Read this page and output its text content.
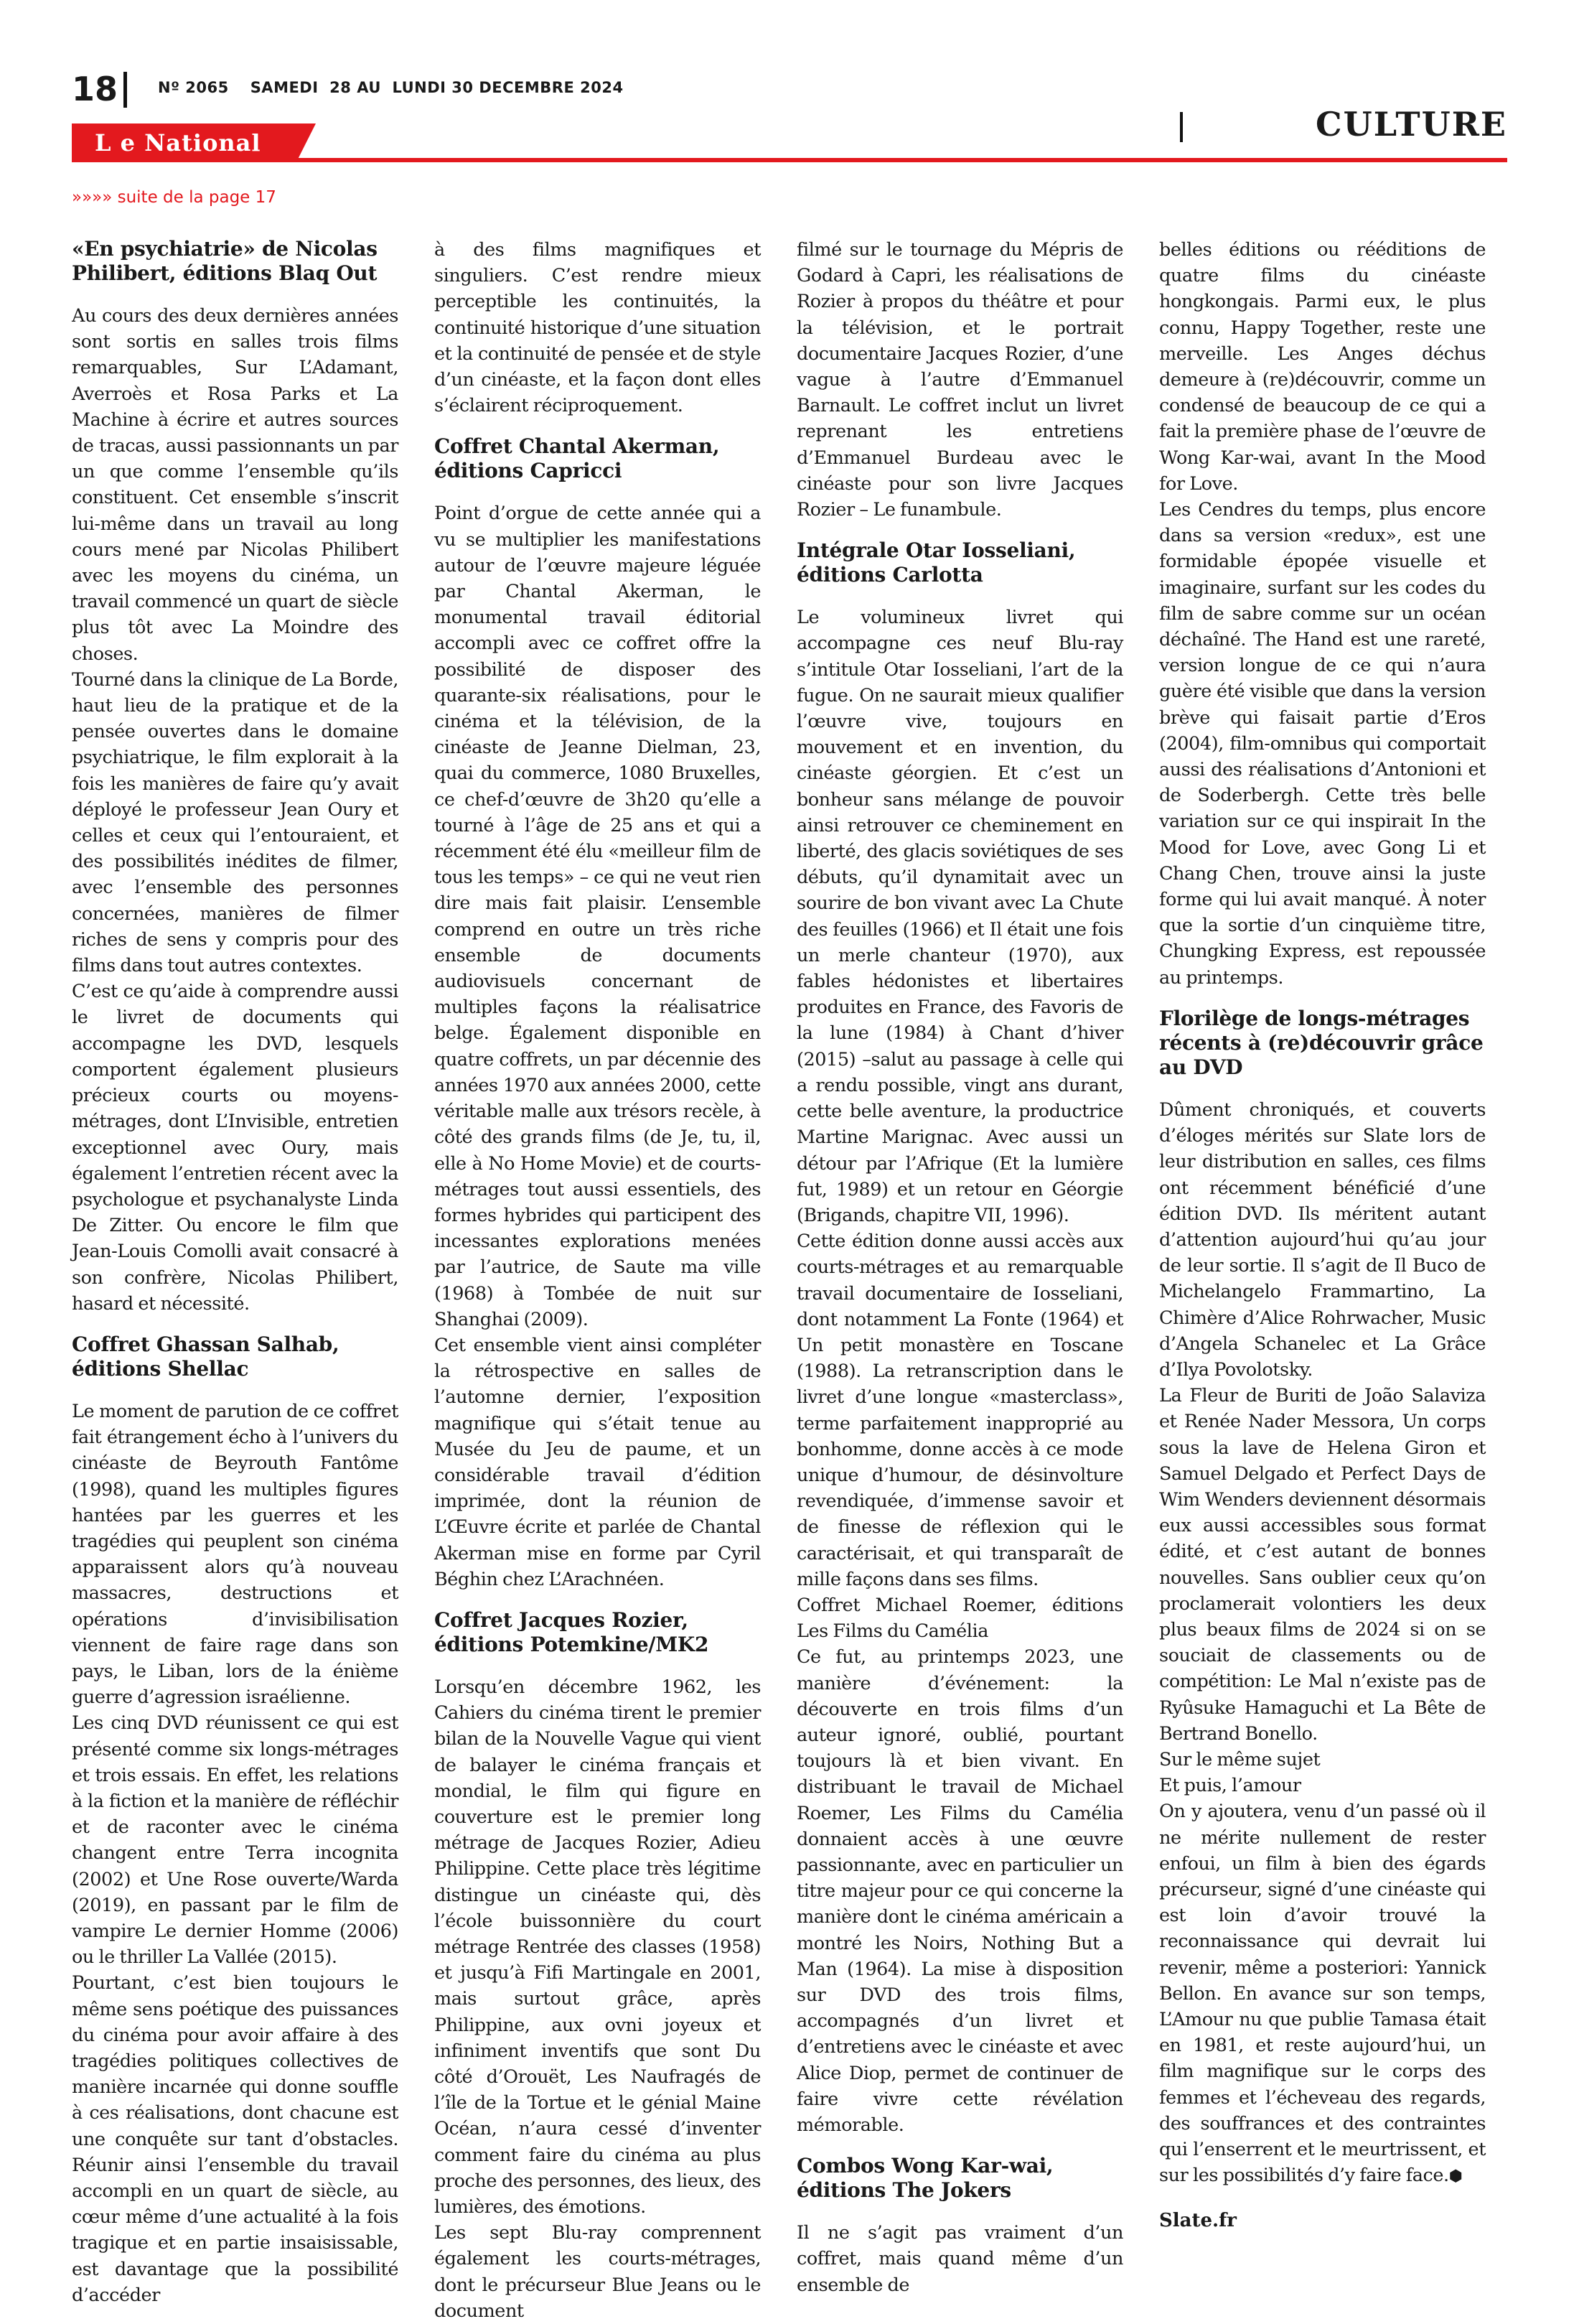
18	Nº 2065 SAMEDI  28 AU  LUNDI 30 DECEMBRE 2024
CULTURE
L e National
»»»» suite de la page 17
«En psychiatrie» de Nicolas Philibert, éditions Blaq Out

Au cours des deux dernières années sont sortis en salles trois films remarquables, Sur L’Adamant, Averroès et Rosa Parks et La Machine à écrire et autres sources de tracas, aussi passionnants un par un que comme l’ensemble qu’ils constituent. Cet ensemble s’inscrit lui-même dans un travail au long cours mené par Nicolas Philibert avec les moyens du cinéma, un travail commencé un quart de siècle plus tôt avec La Moindre des choses.

Tourné dans la clinique de La Borde, haut lieu de la pratique et de la pensée ouvertes dans le domaine psychiatrique, le film explorait à la fois les manières de faire qu’y avait déployé le professeur Jean Oury et celles et ceux qui l’entouraient, et des possibilités inédites de filmer, avec l’ensemble des personnes concernées, manières de filmer riches de sens y compris pour des films dans tout autres contextes.

C’est ce qu’aide à comprendre aussi le livret de documents qui accompagne les DVD, lesquels comportent également plusieurs précieux courts ou moyens-métrages, dont L’Invisible, entretien exceptionnel avec Oury, mais également l’entretien récent avec la psychologue et psychanalyste Linda De Zitter. Ou encore le film que Jean-Louis Comolli avait consacré à son confrère, Nicolas Philibert, hasard et nécessité.

Coffret Ghassan Salhab, éditions Shellac

Le moment de parution de ce coffret fait étrangement écho à l’univers du cinéaste de Beyrouth Fantôme (1998), quand les multiples figures hantées par les guerres et les tragédies qui peuplent son cinéma apparaissent alors qu’à nouveau massacres, destructions et opérations d’invisibilisation viennent de faire rage dans son pays, le Liban, lors de la énième guerre d’agression israélienne.

Les cinq DVD réunissent ce qui est présenté comme six longs-métrages et trois essais. En effet, les relations à la fiction et la manière de réfléchir et de raconter avec le cinéma changent entre Terra incognita (2002) et Une Rose ouverte/Warda (2019), en passant par le film de vampire Le dernier Homme (2006) ou le thriller La Vallée (2015).

Pourtant, c’est bien toujours le même sens poétique des puissances du cinéma pour avoir affaire à des tragédies politiques collectives de manière incarnée qui donne souffle à ces réalisations, dont chacune est une conquête sur tant d’obstacles. Réunir ainsi l’ensemble du travail accompli en un quart de siècle, au cœur même d’une actualité à la fois tragique et en partie insaisissable, est davantage que la possibilité d’accéder

à des films magnifiques et singuliers. C’est rendre mieux perceptible les continuités, la continuité historique d’une situation et la continuité de pensée et de style d’un cinéaste, et la façon dont elles s’éclairent réciproquement.

Coffret Chantal Akerman, éditions Capricci

Point d’orgue de cette année qui a vu se multiplier les manifestations autour de l’œuvre majeure léguée par Chantal Akerman, le monumental travail éditorial accompli avec ce coffret offre la possibilité de disposer des quarante-six réalisations, pour le cinéma et la télévision, de la cinéaste de Jeanne Dielman, 23, quai du commerce, 1080 Bruxelles, ce chef-d’œuvre de 3h20 qu’elle a tourné à l’âge de 25 ans et qui a récemment été élu «meilleur film de tous les temps» – ce qui ne veut rien dire mais fait plaisir. L’ensemble comprend en outre un très riche ensemble de documents audiovisuels concernant de multiples façons la réalisatrice belge. Également disponible en quatre coffrets, un par décennie des années 1970 aux années 2000, cette véritable malle aux trésors recèle, à côté des grands films (de Je, tu, il, elle à No Home Movie) et de courts-métrages tout aussi essentiels, des formes hybrides qui participent des incessantes explorations menées par l’autrice, de Saute ma ville (1968) à Tombée de nuit sur Shanghai (2009).

Cet ensemble vient ainsi compléter la rétrospective en salles de l’automne dernier, l’exposition magnifique qui s’était tenue au Musée du Jeu de paume, et un considérable travail d’édition imprimée, dont la réunion de L’Œuvre écrite et parlée de Chantal Akerman mise en forme par Cyril Béghin chez L’Arachnéen.

Coffret Jacques Rozier, éditions Potemkine/MK2

Lorsqu’en décembre 1962, les Cahiers du cinéma tirent le premier bilan de la Nouvelle Vague qui vient de balayer le cinéma français et mondial, le film qui figure en couverture est le premier long métrage de Jacques Rozier, Adieu Philippine. Cette place très légitime distingue un cinéaste qui, dès l’école buissonnière du court métrage Rentrée des classes (1958) et jusqu’à Fifi Martingale en 2001, mais surtout grâce, après Philippine, aux ovni joyeux et infiniment inventifs que sont Du côté d’Orouët, Les Naufragés de l’île de la Tortue et le génial Maine Océan, n’aura cessé d’inventer comment faire du cinéma au plus proche des personnes, des lieux, des lumières, des émotions.

Les sept Blu-ray comprennent également les courts-métrages, dont le précurseur Blue Jeans ou le document

filmé sur le tournage du Mépris de Godard à Capri, les réalisations de Rozier à propos du théâtre et pour la télévision, et le portrait documentaire Jacques Rozier, d’une vague à l’autre d’Emmanuel Barnault. Le coffret inclut un livret reprenant les entretiens d’Emmanuel Burdeau avec le cinéaste pour son livre Jacques Rozier – Le funambule.

Intégrale Otar Iosseliani, éditions Carlotta

Le volumineux livret qui accompagne ces neuf Blu-ray s’intitule Otar Iosseliani, l’art de la fugue. On ne saurait mieux qualifier l’œuvre vive, toujours en mouvement et en invention, du cinéaste géorgien. Et c’est un bonheur sans mélange de pouvoir ainsi retrouver ce cheminement en liberté, des glacis soviétiques de ses débuts, qu’il dynamitait avec un sourire de bon vivant avec La Chute des feuilles (1966) et Il était une fois un merle chanteur (1970), aux fables hédonistes et libertaires produites en France, des Favoris de la lune (1984) à Chant d’hiver (2015) –salut au passage à celle qui a rendu possible, vingt ans durant, cette belle aventure, la productrice Martine Marignac. Avec aussi un détour par l’Afrique (Et la lumière fut, 1989) et un retour en Géorgie (Brigands, chapitre VII, 1996).

Cette édition donne aussi accès aux courts-métrages et au remarquable travail documentaire de Iosseliani, dont notamment La Fonte (1964) et Un petit monastère en Toscane (1988). La retranscription dans le livret d’une longue «masterclass», terme parfaitement inapproprié au bonhomme, donne accès à ce mode unique d’humour, de désinvolture revendiquée, d’immense savoir et de finesse de réflexion qui le caractérisait, et qui transparaît de mille façons dans ses films.

Coffret Michael Roemer, éditions Les Films du Camélia

Ce fut, au printemps 2023, une manière d’événement: la découverte en trois films d’un auteur ignoré, oublié, pourtant toujours là et bien vivant. En distribuant le travail de Michael Roemer, Les Films du Camélia donnaient accès à une œuvre passionnante, avec en particulier un titre majeur pour ce qui concerne la manière dont le cinéma américain a montré les Noirs, Nothing But a Man (1964). La mise à disposition sur DVD des trois films, accompagnés d’un livret et d’entretiens avec le cinéaste et avec Alice Diop, permet de continuer de faire vivre cette révélation mémorable.

Combos Wong Kar-wai, éditions The Jokers

Il ne s’agit pas vraiment d’un coffret, mais quand même d’un ensemble de

belles éditions ou rééditions de quatre films du cinéaste hongkongais. Parmi eux, le plus connu, Happy Together, reste une merveille. Les Anges déchus demeure à (re)découvrir, comme un condensé de beaucoup de ce qui a fait la première phase de l’œuvre de Wong Kar-wai, avant In the Mood for Love.

Les Cendres du temps, plus encore dans sa version «redux», est une formidable épopée visuelle et imaginaire, surfant sur les codes du film de sabre comme sur un océan déchaîné. The Hand est une rareté, version longue de ce qui n’aura guère été visible que dans la version brève qui faisait partie d’Eros (2004), film-omnibus qui comportait aussi des réalisations d’Antonioni et de Soderbergh. Cette très belle variation sur ce qui inspirait In the Mood for Love, avec Gong Li et Chang Chen, trouve ainsi la juste forme qui lui avait manqué. À noter que la sortie d’un cinquième titre, Chungking Express, est repoussée au printemps.

Florilège de longs-métrages récents à (re)découvrir grâce au DVD

Dûment chroniqués, et couverts d’éloges mérités sur Slate lors de leur distribution en salles, ces films ont récemment bénéficié d’une édition DVD. Ils méritent autant d’attention aujourd’hui qu’au jour de leur sortie. Il s’agit de Il Buco de Michelangelo Frammartino, La Chimère d’Alice Rohrwacher, Music d’Angela Schanelec et La Grâce d’Ilya Povolotsky.

La Fleur de Buriti de João Salaviza et Renée Nader Messora, Un corps sous la lave de Helena Giron et Samuel Delgado et Perfect Days de Wim Wenders deviennent désormais eux aussi accessibles sous format édité, et c’est autant de bonnes nouvelles. Sans oublier ceux qu’on proclamerait volontiers les deux plus beaux films de 2024 si on se souciait de classements ou de compétition: Le Mal n’existe pas de Ryûsuke Hamaguchi et La Bête de Bertrand Bonello.

Sur le même sujet

Et puis, l’amour

On y ajoutera, venu d’un passé où il ne mérite nullement de rester enfoui, un film à bien des égards précurseur, signé d’une cinéaste qui est loin d’avoir trouvé la reconnaissance qui devrait lui revenir, même a posteriori: Yannick Bellon. En avance sur son temps, L’Amour nu que publie Tamasa était en 1981, et reste aujourd’hui, un film magnifique sur le corps des femmes et l’écheveau des regards, des souffrances et des contraintes qui l’enserrent et le meurtrissent, et sur les possibilités d’y faire face.⬢

Slate.fr
